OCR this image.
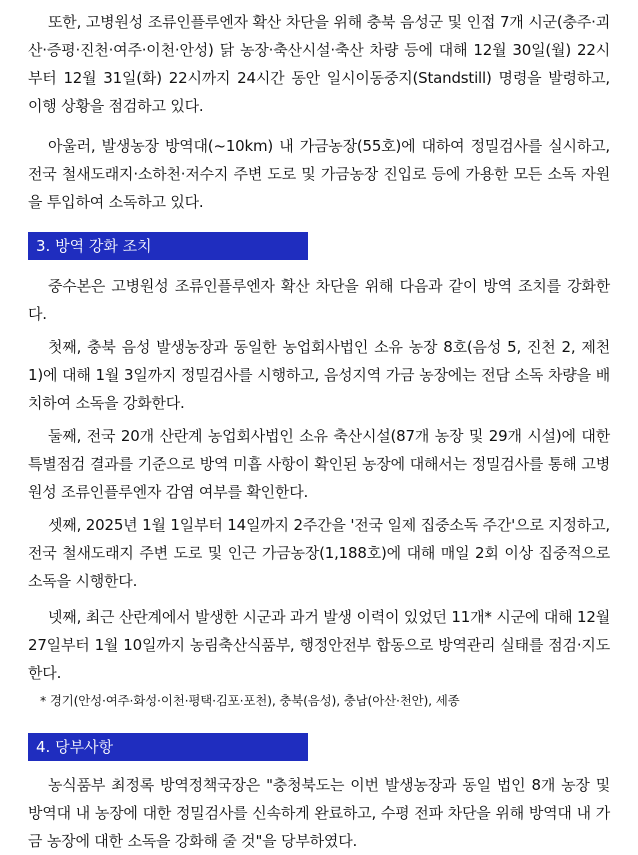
또한, 고병원성 조류인플루엔자 확산 차단을 위해 충북 음성군 및 인접 7개 시군(충주·괴산·증평·진천·여주·이천·안성) 닭 농장·축산시설·축산 차량 등에 대해 12월 30일(월) 22시부터 12월 31일(화) 22시까지 24시간 동안 일시이동중지(Standstill) 명령을 발령하고, 이행 상황을 점검하고 있다.

아울러, 발생농장 방역대(~10km) 내 가금농장(55호)에 대하여 정밀검사를 실시하고, 전국 철새도래지·소하천·저수지 주변 도로 및 가금농장 진입로 등에 가용한 모든 소독 자원을 투입하여 소독하고 있다.

3. 방역 강화 조치

중수본은 고병원성 조류인플루엔자 확산 차단을 위해 다음과 같이 방역 조치를 강화한다.

첫째, 충북 음성 발생농장과 동일한 농업회사법인 소유 농장 8호(음성 5, 진천 2, 제천 1)에 대해 1월 3일까지 정밀검사를 시행하고, 음성지역 가금 농장에는 전담 소독 차량을 배치하여 소독을 강화한다.

둘째, 전국 20개 산란계 농업회사법인 소유 축산시설(87개 농장 및 29개 시설)에 대한 특별점검 결과를 기준으로 방역 미흡 사항이 확인된 농장에 대해서는 정밀검사를 통해 고병원성 조류인플루엔자 감염 여부를 확인한다.

셋째, 2025년 1월 1일부터 14일까지 2주간을 '전국 일제 집중소독 주간'으로 지정하고, 전국 철새도래지 주변 도로 및 인근 가금농장(1,188호)에 대해 매일 2회 이상 집중적으로 소독을 시행한다.

넷째, 최근 산란계에서 발생한 시군과 과거 발생 이력이 있었던 11개* 시군에 대해 12월 27일부터 1월 10일까지 농림축산식품부, 행정안전부 합동으로 방역관리 실태를 점검·지도한다.

* 경기(안성·여주·화성·이천·평택·김포·포천), 충북(음성), 충남(아산·천안), 세종

4. 당부사항

농식품부 최정록 방역정책국장은 "충청북도는 이번 발생농장과 동일 법인 8개 농장 및 방역대 내 농장에 대한 정밀검사를 신속하게 완료하고, 수평 전파 차단을 위해 방역대 내 가금 농장에 대한 소독을 강화해 줄 것"을 당부하였다.
